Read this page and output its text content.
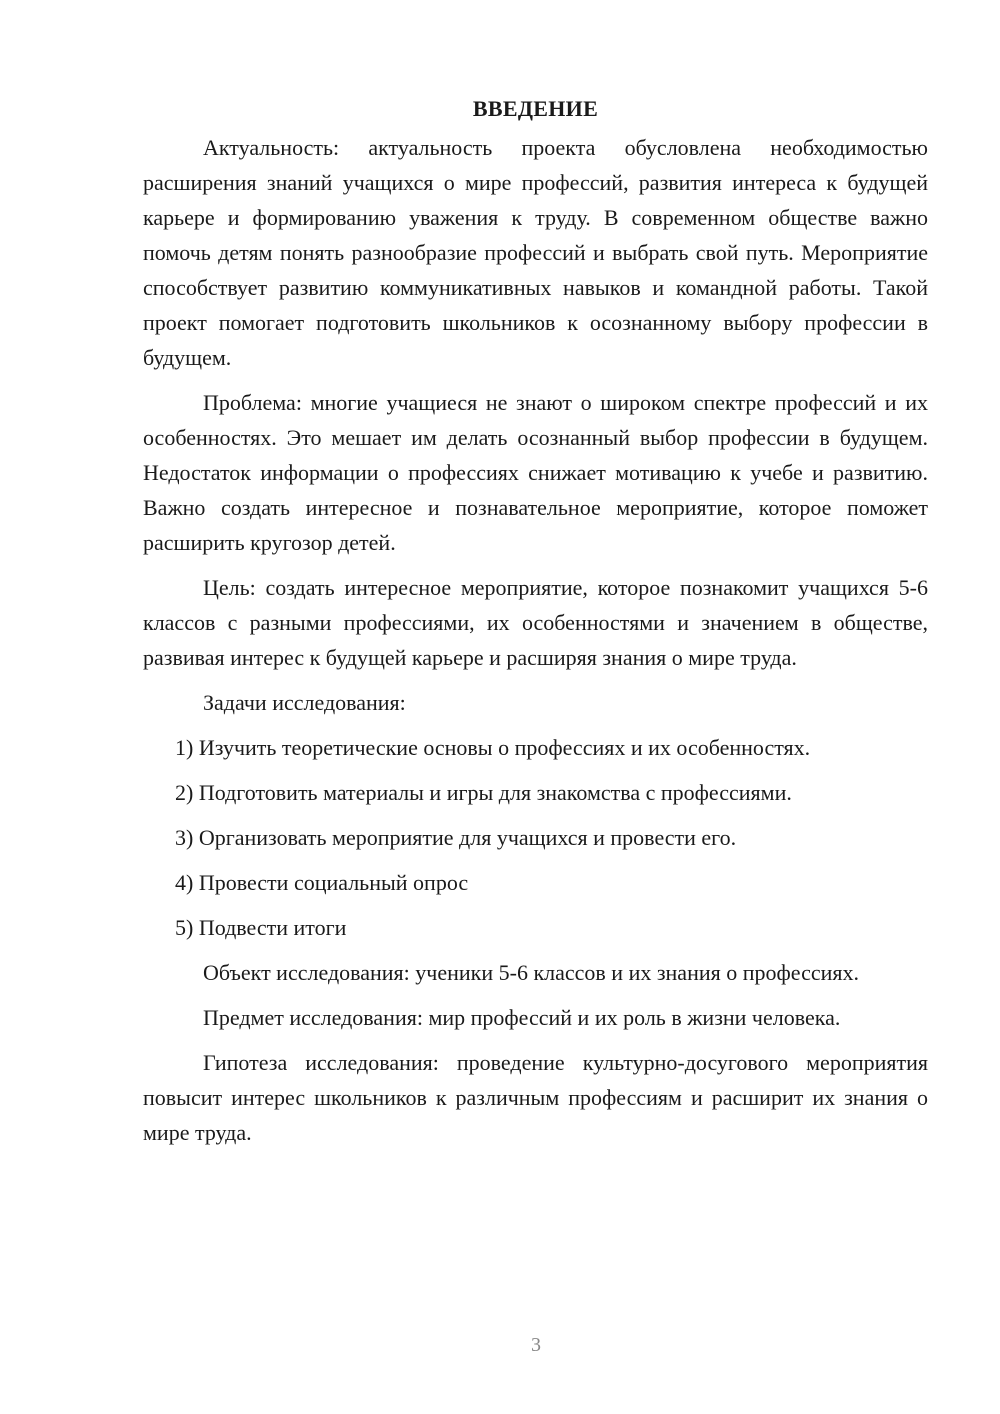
ВВЕДЕНИЕ

Актуальность: актуальность проекта обусловлена необходимостью расширения знаний учащихся о мире профессий, развития интереса к будущей карьере и формированию уважения к труду. В современном обществе важно помочь детям понять разнообразие профессий и выбрать свой путь. Мероприятие способствует развитию коммуникативных навыков и командной работы. Такой проект помогает подготовить школьников к осознанному выбору профессии в будущем.

Проблема: многие учащиеся не знают о широком спектре профессий и их особенностях. Это мешает им делать осознанный выбор профессии в будущем. Недостаток информации о профессиях снижает мотивацию к учебе и развитию. Важно создать интересное и познавательное мероприятие, которое поможет расширить кругозор детей.

Цель: создать интересное мероприятие, которое познакомит учащихся 5-6 классов с разными профессиями, их особенностями и значением в обществе, развивая интерес к будущей карьере и расширяя знания о мире труда.

Задачи исследования:

1) Изучить теоретические основы о профессиях и их особенностях.
2) Подготовить материалы и игры для знакомства с профессиями.
3) Организовать мероприятие для учащихся и провести его.
4) Провести социальный опрос
5) Подвести итоги

Объект исследования: ученики 5-6 классов и их знания о профессиях.

Предмет исследования: мир профессий и их роль в жизни человека.

Гипотеза исследования: проведение культурно-досугового мероприятия повысит интерес школьников к различным профессиям и расширит их знания о мире труда.

3
